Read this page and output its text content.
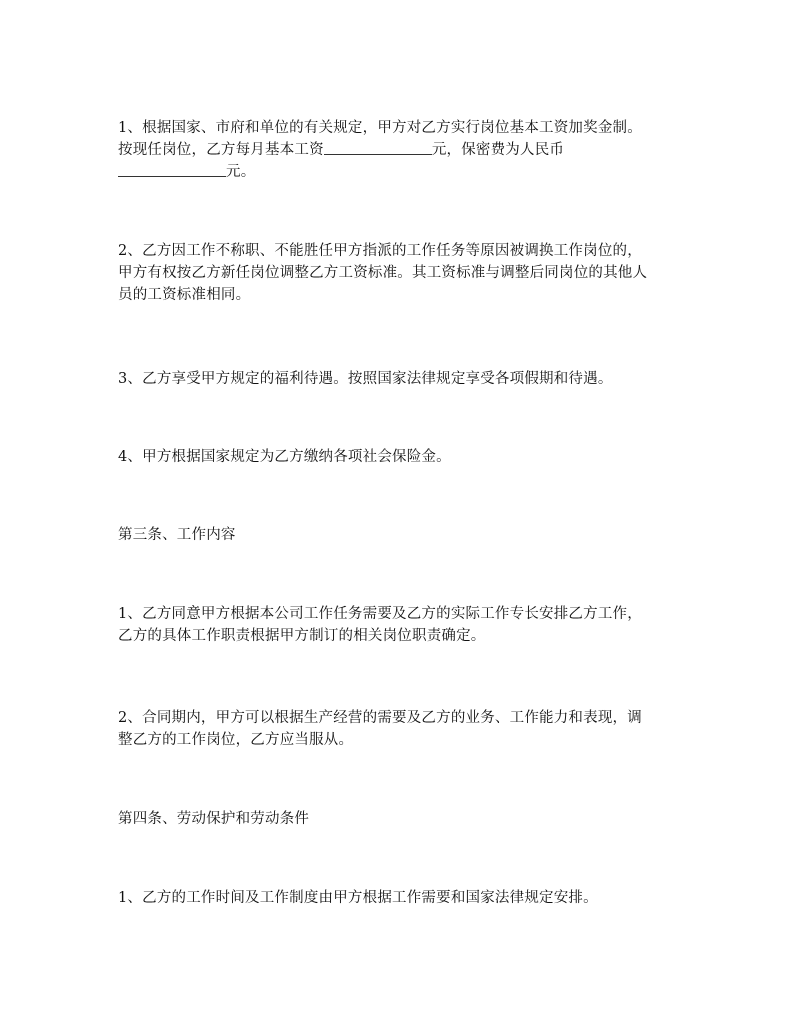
1、根据国家、市府和单位的有关规定，甲方对乙方实行岗位基本工资加奖金制。
按现任岗位，乙方每月基本工资	元，保密费为人民币
元。
2、乙方因工作不称职、不能胜任甲方指派的工作任务等原因被调换工作岗位的，
甲方有权按乙方新任岗位调整乙方工资标准。其工资标准与调整后同岗位的其他人
员的工资标准相同。
3、乙方享受甲方规定的福利待遇。按照国家法律规定享受各项假期和待遇。
4、甲方根据国家规定为乙方缴纳各项社会保险金。
第三条、工作内容
1、乙方同意甲方根据本公司工作任务需要及乙方的实际工作专长安排乙方工作，
乙方的具体工作职责根据甲方制订的相关岗位职责确定。
2、合同期内，甲方可以根据生产经营的需要及乙方的业务、工作能力和表现，调
整乙方的工作岗位，乙方应当服从。
第四条、劳动保护和劳动条件
1、乙方的工作时间及工作制度由甲方根据工作需要和国家法律规定安排。
